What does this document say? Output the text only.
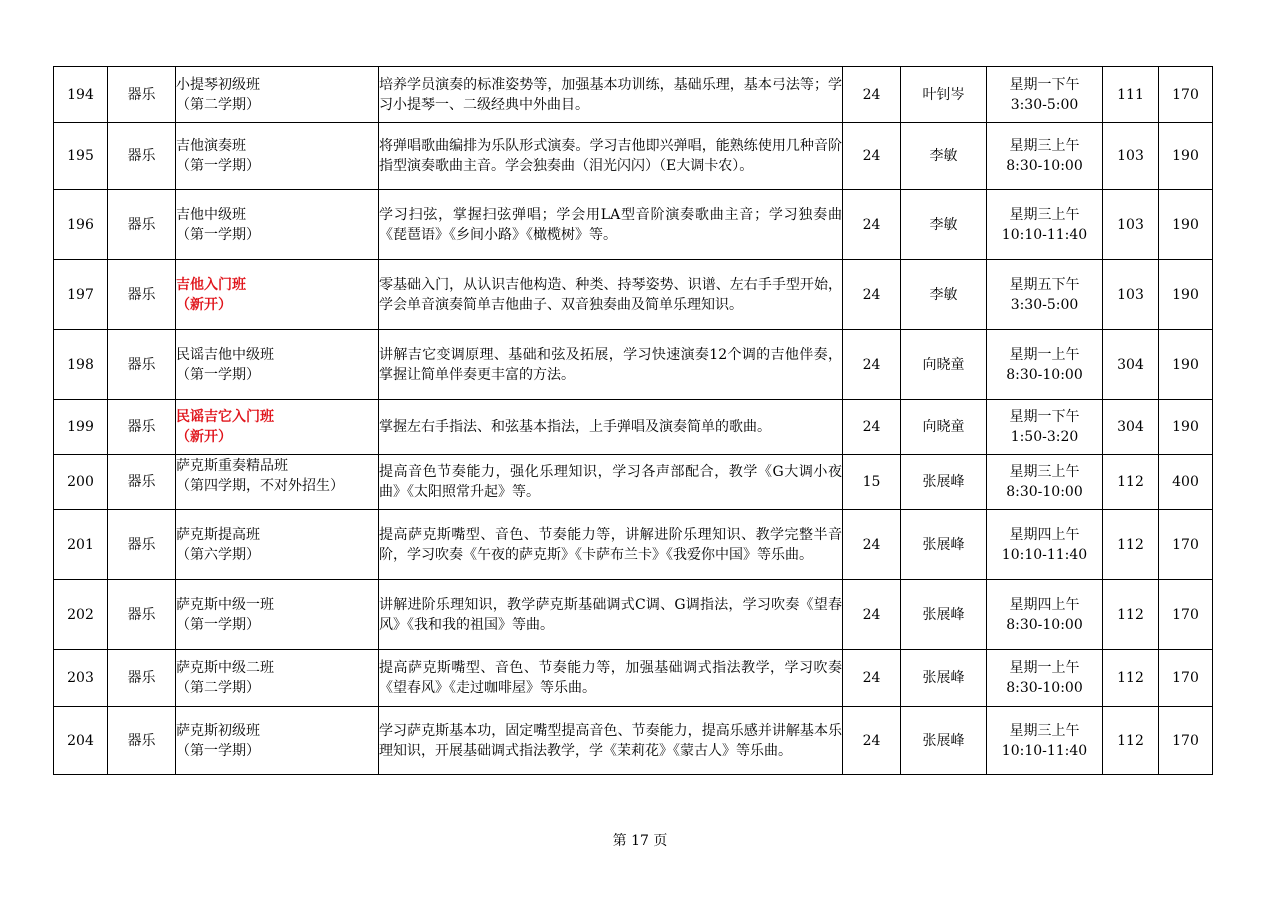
194	器乐	小提琴初级班
（第二学期）	培养学员演奏的标准姿势等，加强基本功训练，基础乐理，基本弓法等；学习小提琴一、二级经典中外曲目。	24	叶钊岑	星期一下午
3:30-5:00	111	170
195	器乐	吉他演奏班
（第一学期）	将弹唱歌曲编排为乐队形式演奏。学习吉他即兴弹唱，能熟练使用几种音阶指型演奏歌曲主音。学会独奏曲（泪光闪闪）（E大调卡农）。	24	李敏	星期三上午
8:30-10:00	103	190
196	器乐	吉他中级班
（第一学期）	学习扫弦，掌握扫弦弹唱；学会用LA型音阶演奏歌曲主音；学习独奏曲《琵琶语》《乡间小路》《橄榄树》等。	24	李敏	星期三上午
10:10-11:40	103	190
197	器乐	吉他入门班
（新开）	零基础入门，从认识吉他构造、种类、持琴姿势、识谱、左右手手型开始，学会单音演奏简单吉他曲子、双音独奏曲及简单乐理知识。	24	李敏	星期五下午
3:30-5:00	103	190
198	器乐	民谣吉他中级班
（第一学期）	讲解吉它变调原理、基础和弦及拓展，学习快速演奏12个调的吉他伴奏，掌握让简单伴奏更丰富的方法。	24	向晓童	星期一上午
8:30-10:00	304	190
199	器乐	民谣吉它入门班
（新开）	掌握左右手指法、和弦基本指法，上手弹唱及演奏简单的歌曲。	24	向晓童	星期一下午
1:50-3:20	304	190
200	器乐	萨克斯重奏精品班
（第四学期，不对外招生）	提高音色节奏能力，强化乐理知识，学习各声部配合，教学《G大调小夜曲》《太阳照常升起》等。	15	张展峰	星期三上午
8:30-10:00	112	400
201	器乐	萨克斯提高班
（第六学期）	提高萨克斯嘴型、音色、节奏能力等，讲解进阶乐理知识、教学完整半音阶，学习吹奏《午夜的萨克斯》《卡萨布兰卡》《我爱你中国》等乐曲。	24	张展峰	星期四上午
10:10-11:40	112	170
202	器乐	萨克斯中级一班
（第一学期）	讲解进阶乐理知识，教学萨克斯基础调式C调、G调指法，学习吹奏《望春风》《我和我的祖国》等曲。	24	张展峰	星期四上午
8:30-10:00	112	170
203	器乐	萨克斯中级二班
（第二学期）	提高萨克斯嘴型、音色、节奏能力等，加强基础调式指法教学，学习吹奏《望春风》《走过咖啡屋》等乐曲。	24	张展峰	星期一上午
8:30-10:00	112	170
204	器乐	萨克斯初级班
（第一学期）	学习萨克斯基本功，固定嘴型提高音色、节奏能力，提高乐感并讲解基本乐理知识，开展基础调式指法教学，学《茉莉花》《蒙古人》等乐曲。	24	张展峰	星期三上午
10:10-11:40	112	170
第 17 页
